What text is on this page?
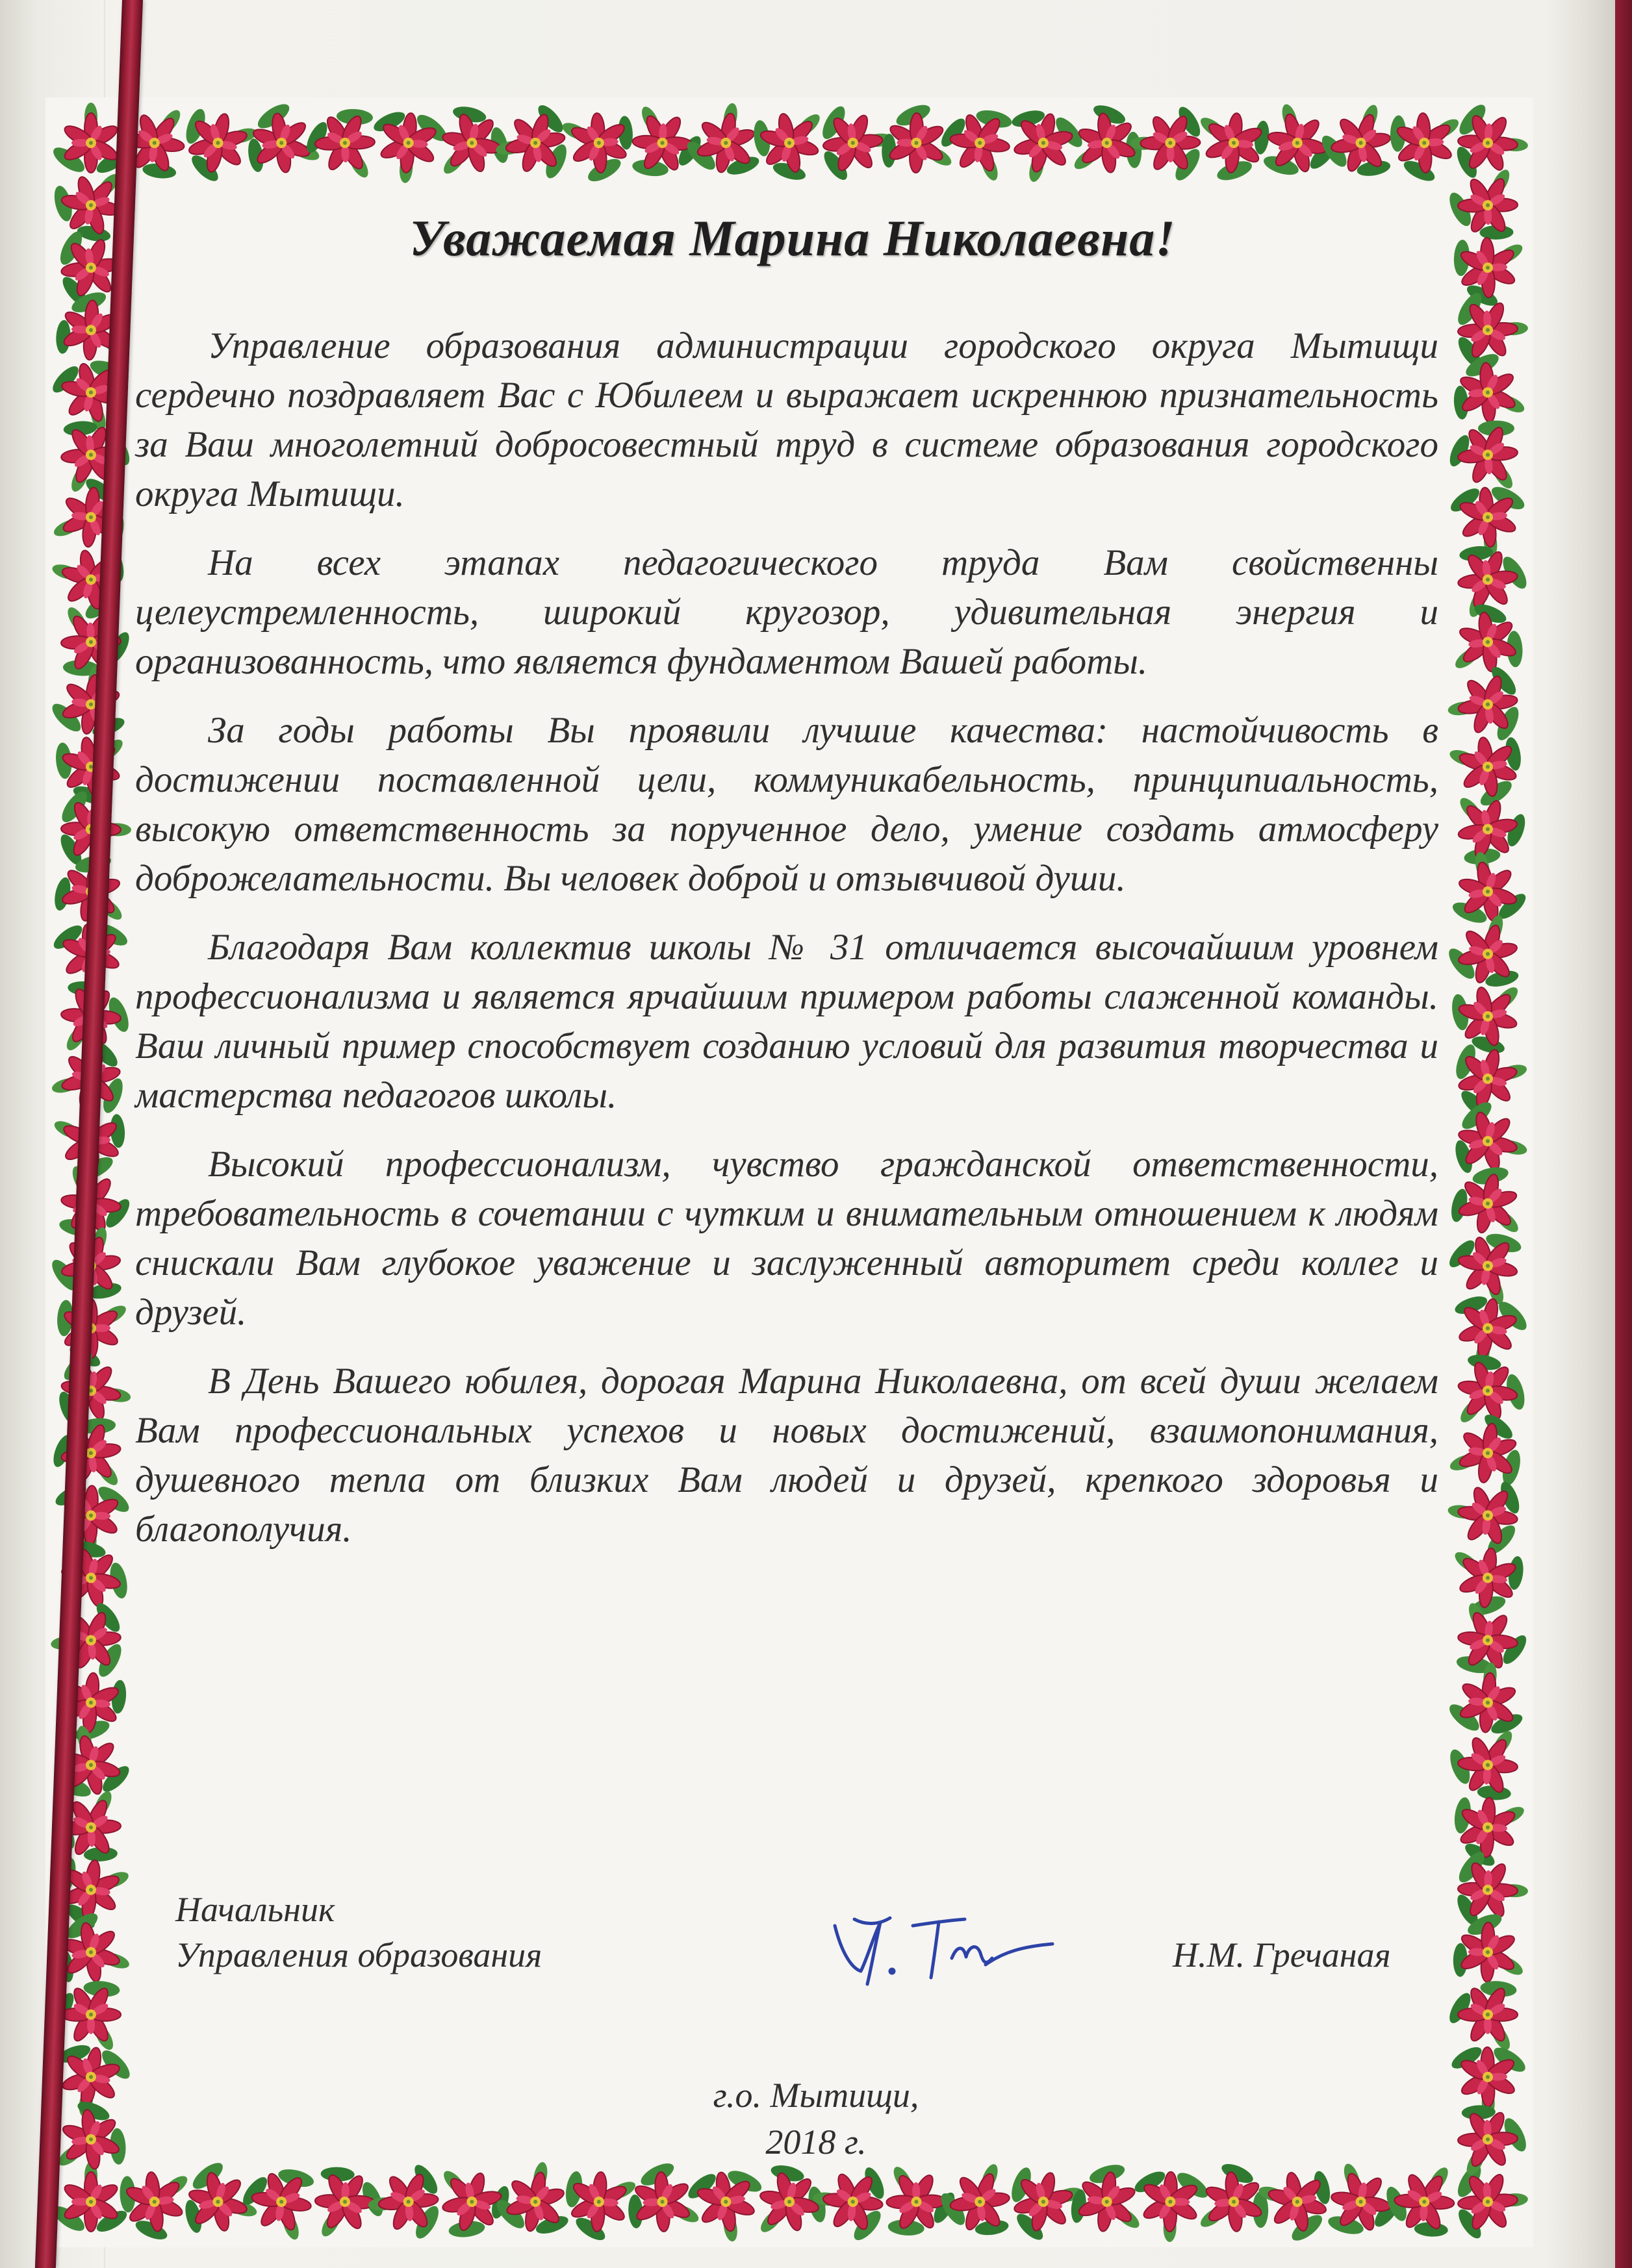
Уважаемая Марина Николаевна!

Управление образования администрации городского округа Мытищи сердечно поздравляет Вас с Юбилеем и выражает искреннюю признательность за Ваш многолетний добросовестный труд в системе образования городского округа Мытищи.

На всех этапах педагогического труда Вам свойственны целеустремленность, широкий кругозор, удивительная энергия и организованность, что является фундаментом Вашей работы.

За годы работы Вы проявили лучшие качества: настойчивость в достижении поставленной цели, коммуникабельность, принципиальность, высокую ответственность за порученное дело, умение создать атмосферу доброжелательности. Вы человек доброй и отзывчивой души.

Благодаря Вам коллектив школы № 31 отличается высочайшим уровнем профессионализма и является ярчайшим примером работы слаженной команды. Ваш личный пример способствует созданию условий для развития творчества и мастерства педагогов школы.

Высокий профессионализм, чувство гражданской ответственности, требовательность в сочетании с чутким и внимательным отношением к людям снискали Вам глубокое уважение и заслуженный авторитет среди коллег и друзей.

В День Вашего юбилея, дорогая Марина Николаевна, от всей души желаем Вам профессиональных успехов и новых достижений, взаимопонимания, душевного тепла от близких Вам людей и друзей, крепкого здоровья и благополучия.

Начальник
Управления образования	Н.М. Гречаная
г.о. Мытищи,
2018 г.
